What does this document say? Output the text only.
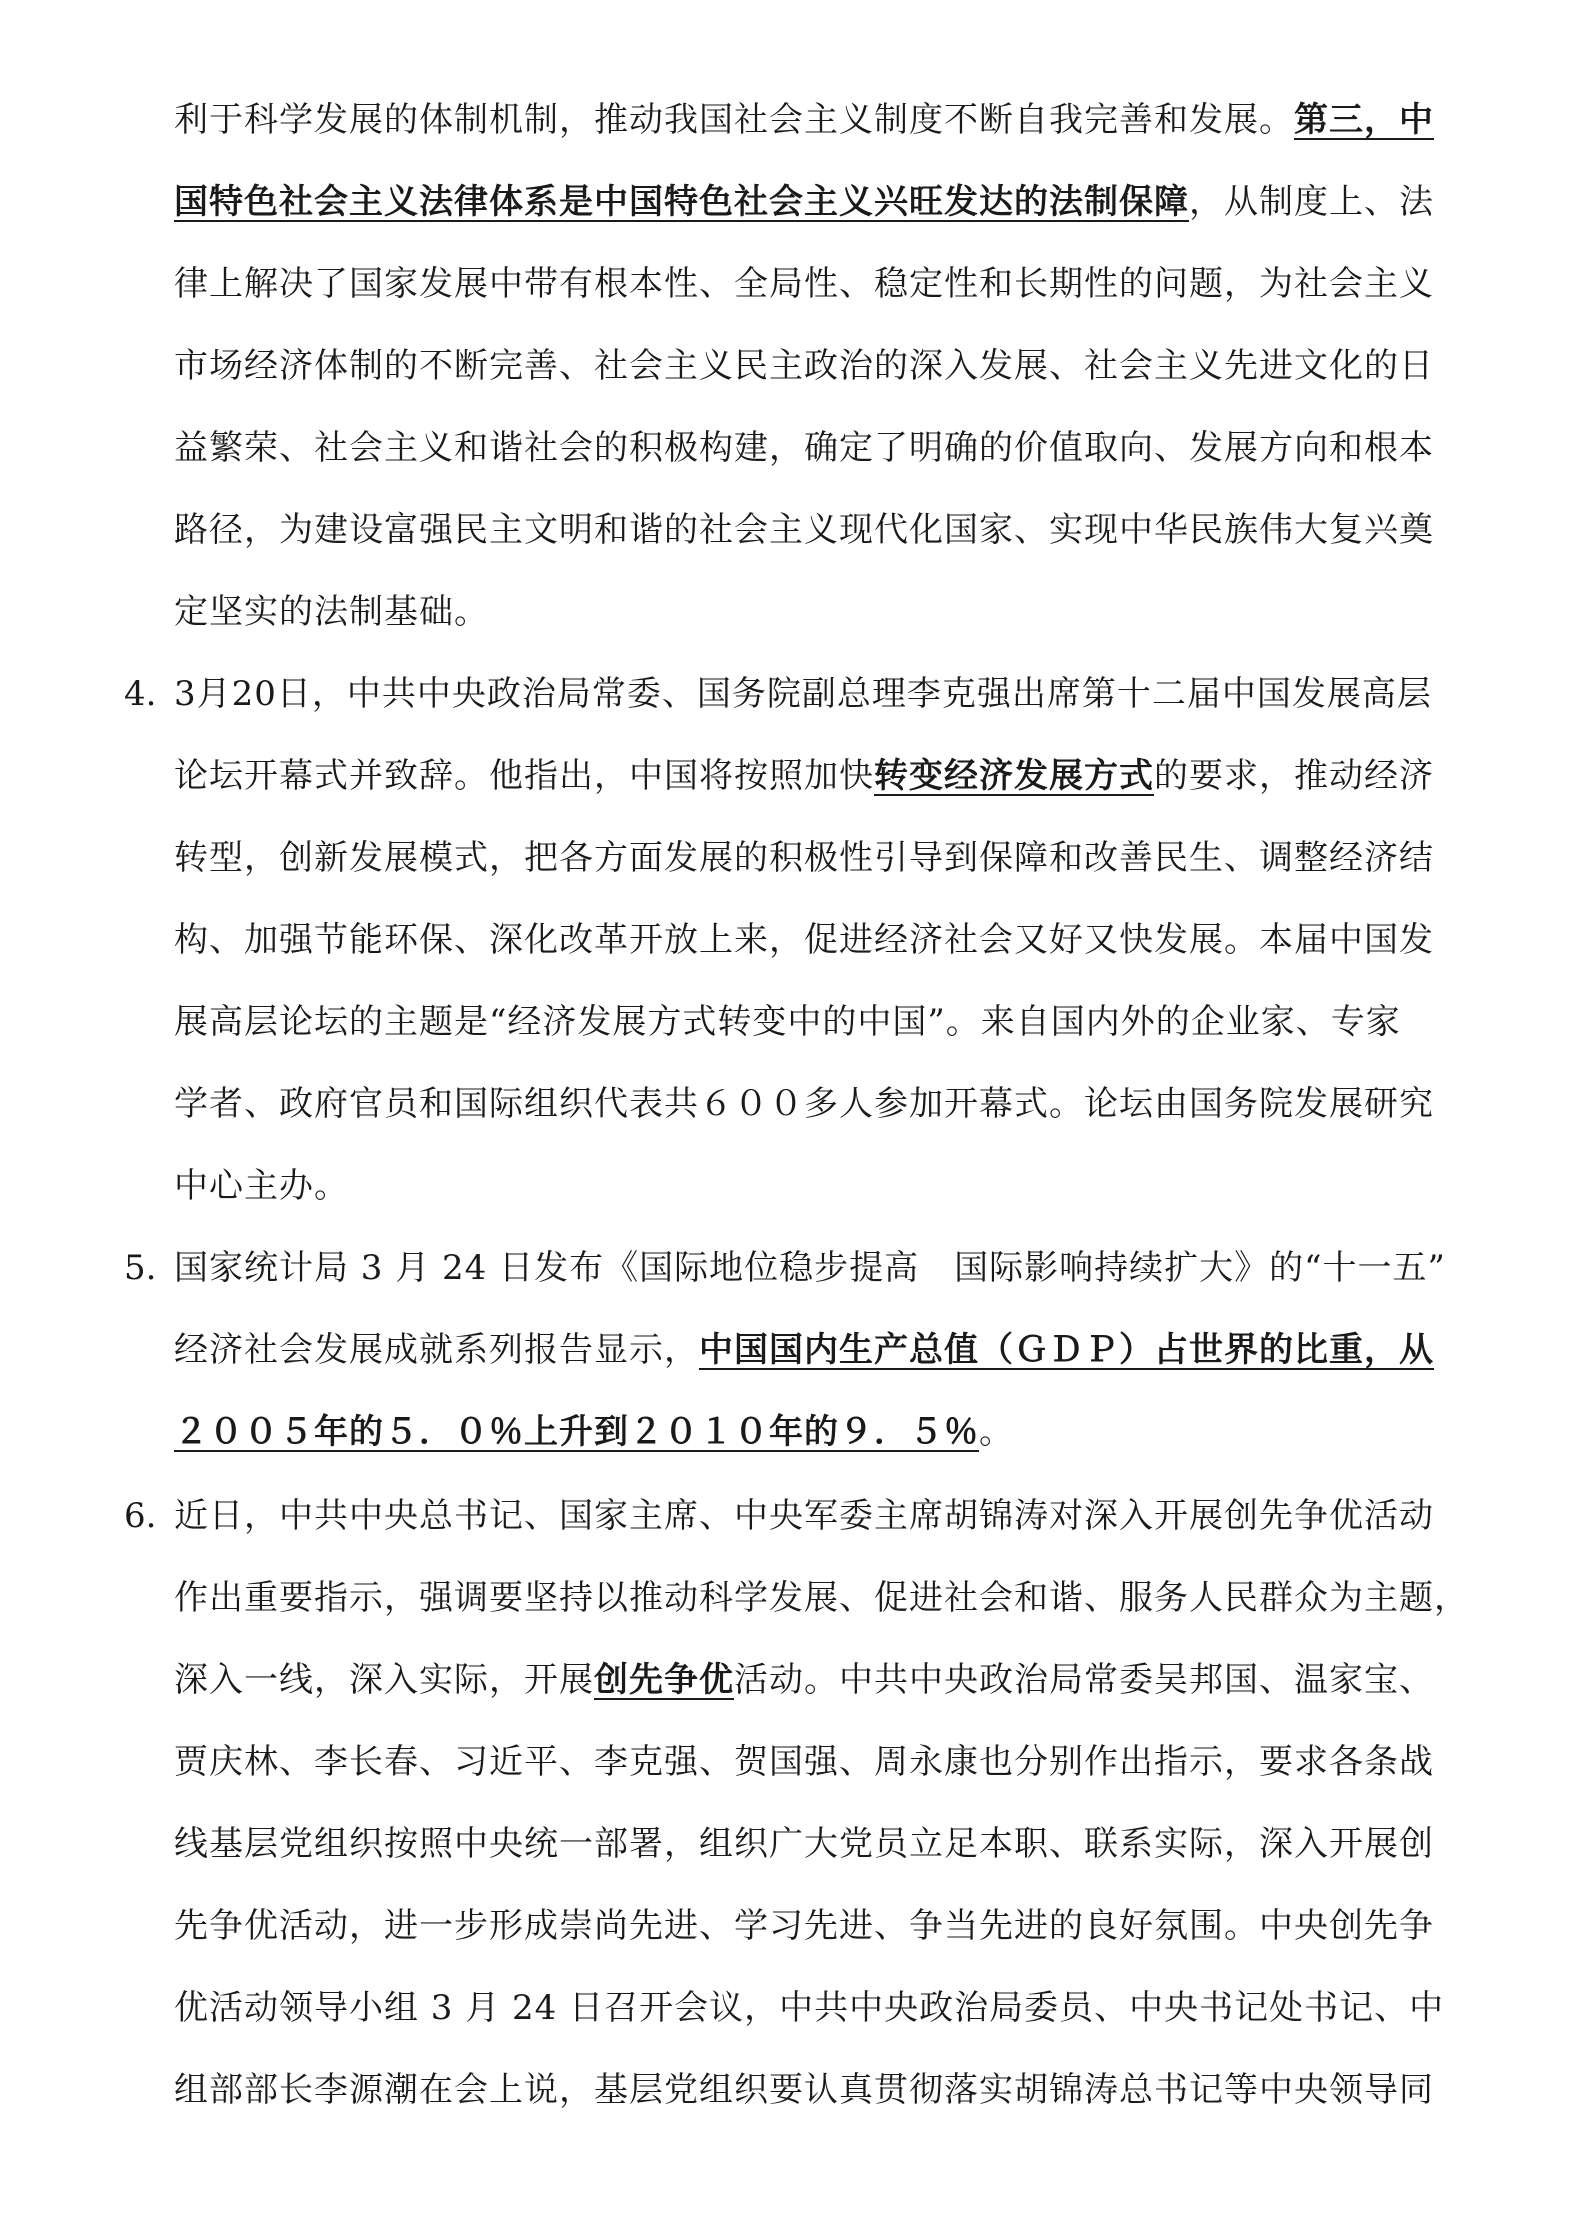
利于科学发展的体制机制，推动我国社会主义制度不断自我完善和发展。第三，中
国特色社会主义法律体系是中国特色社会主义兴旺发达的法制保障，从制度上、法
律上解决了国家发展中带有根本性、全局性、稳定性和长期性的问题，为社会主义
市场经济体制的不断完善、社会主义民主政治的深入发展、社会主义先进文化的日
益繁荣、社会主义和谐社会的积极构建，确定了明确的价值取向、发展方向和根本
路径，为建设富强民主文明和谐的社会主义现代化国家、实现中华民族伟大复兴奠
定坚实的法制基础。
4. 3月20日，中共中央政治局常委、国务院副总理李克强出席第十二届中国发展高层
论坛开幕式并致辞。他指出，中国将按照加快转变经济发展方式的要求，推动经济
转型，创新发展模式，把各方面发展的积极性引导到保障和改善民生、调整经济结
构、加强节能环保、深化改革开放上来，促进经济社会又好又快发展。本届中国发
展高层论坛的主题是“经济发展方式转变中的中国”。来自国内外的企业家、专家
学者、政府官员和国际组织代表共６００多人参加开幕式。论坛由国务院发展研究
中心主办。
5. 国家统计局 3 月 24 日发布《国际地位稳步提高　国际影响持续扩大》的“十一五”
经济社会发展成就系列报告显示，中国国内生产总值（ＧＤＰ）占世界的比重，从
２００５年的５．０％上升到２０１０年的９．５％。
6. 近日，中共中央总书记、国家主席、中央军委主席胡锦涛对深入开展创先争优活动
作出重要指示，强调要坚持以推动科学发展、促进社会和谐、服务人民群众为主题，
深入一线，深入实际，开展创先争优活动。中共中央政治局常委吴邦国、温家宝、
贾庆林、李长春、习近平、李克强、贺国强、周永康也分别作出指示，要求各条战
线基层党组织按照中央统一部署，组织广大党员立足本职、联系实际，深入开展创
先争优活动，进一步形成崇尚先进、学习先进、争当先进的良好氛围。中央创先争
优活动领导小组 3 月 24 日召开会议，中共中央政治局委员、中央书记处书记、中
组部部长李源潮在会上说，基层党组织要认真贯彻落实胡锦涛总书记等中央领导同
